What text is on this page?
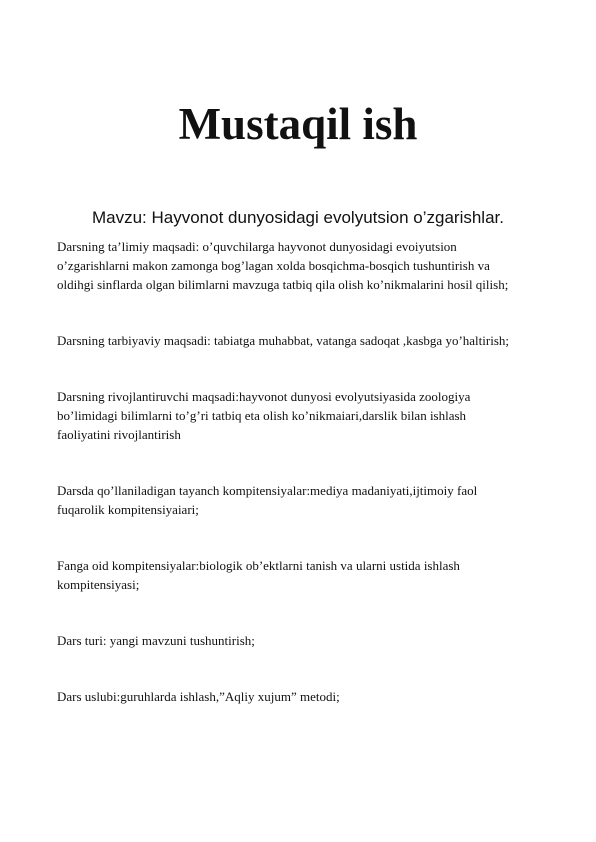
Mustaqil ish

Mavzu: Hayvonot dunyosidagi evolyutsion o’zgarishlar.

Darsning ta’limiy maqsadi: o’quvchilarga hayvonot dunyosidagi evoiyutsion
o’zgarishlarni makon zamonga bog’lagan xolda bosqichma-bosqich tushuntirish va
oldihgi sinflarda olgan bilimlarni mavzuga tatbiq qila olish ko’nikmalarini hosil qilish;

Darsning tarbiyaviy maqsadi: tabiatga muhabbat, vatanga sadoqat ,kasbga yo’haltirish;

Darsning rivojlantiruvchi maqsadi:hayvonot dunyosi evolyutsiyasida zoologiya
bo’limidagi bilimlarni to’g’ri tatbiq eta olish ko’nikmaiari,darslik bilan ishlash
faoliyatini rivojlantirish

Darsda qo’llaniladigan tayanch kompitensiyalar:mediya madaniyati,ijtimoiy faol
fuqarolik kompitensiyaiari;

Fanga oid kompitensiyalar:biologik ob’ektlarni tanish va ularni ustida ishlash
kompitensiyasi;

Dars turi: yangi mavzuni tushuntirish;

Dars uslubi:guruhlarda ishlash,”Aqliy xujum” metodi;
